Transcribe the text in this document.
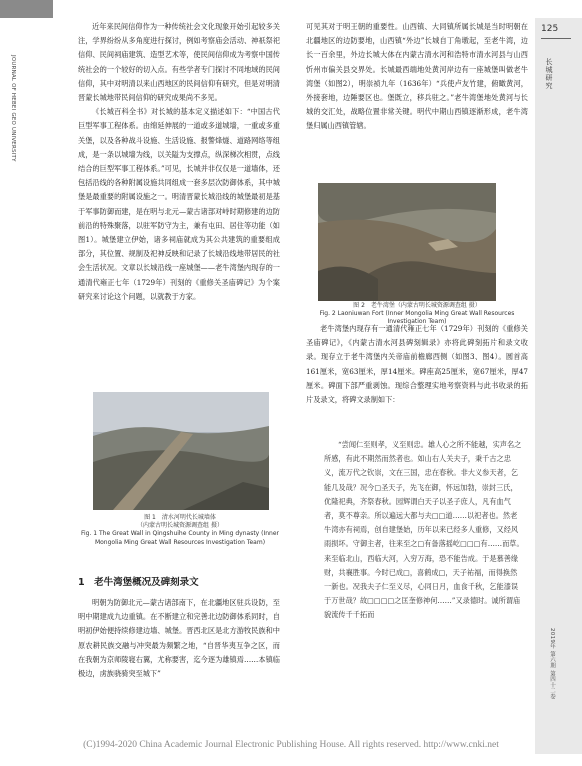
JOURNAL OF HEBEI GEO UNIVERSITY
125
长城研究
2019年 第六期 第四十二卷

近年来民间信仰作为一种传统社会文化现象开始引起较多关注，学界纷纷从多角度进行探讨，例如考察庙会活动、神祇祭祀信仰、民间祠庙建筑、造型艺术等，使民间信仰成为考察中国传统社会的一个较好的切入点。有些学者专门探讨不同地域的民间信仰，其中对明清以来山西地区的民间信仰有研究，但是对明清晋蒙长城地带民间信仰的研究成果尚不多见。

《长城百科全书》对长城的基本定义描述如下：“中国古代巨型军事工程体系。由绵延伸展的一道或多道城墙，一重或多重关堡，以及各种战斗设施、生活设施、报警烽燧、道路网络等组成，是一条以城墙为线，以关隘为支撑点，纵深梯次相贯，点线结合的巨型军事工程体系。”可见，长城并非仅仅是一道墙体，还包括沿线的各种附属设施共同组成一套多层次防御体系，其中城堡是最重要的附属设施之一。明清晋蒙长城沿线的城堡最初是基于军事防御而建，是在明与北元—蒙古诸部对峙时期修建的边防前沿的特殊聚落，以驻军防守为主，兼有屯田、居住等功能（如图1）。城堡建立伊始，诸多祠庙就成为其公共建筑的重要组成部分，其位置、规制及祀神反映和记录了长城沿线地带居民的社会生活状况。文章以长城沿线一座城堡——老牛湾堡内现存的一通清代雍正七年（1729年）刊刻的《重修关圣庙碑记》为个案研究来讨论这个问题，以就教于方家。

图 1　清水河明代长城墙体
（内蒙古明长城资源调查组 摄）
Fig. 1 The Great Wall in Qingshuihe County in Ming dynasty (Inner Mongolia Ming Great Wall Resources Investigation Team)
1　老牛湾堡概况及碑刻录文

明朝为防御北元—蒙古诸部南下，在北疆地区驻兵设防，至明中期建成九边重镇。在不断建立和完善北边防御体系同时，自明初伊始便持续修建边墙、城堡。晋西北区是北方游牧民族和中原农耕民族交融与冲突最为频繁之地，“自晋华夷互争之区，而在我朝为京师陵寝右翼，尤称要害，迄今逐为雄镇焉……本镇临极边，虏族骁骑突至城下”

可见其对于明王朝的重要性。山西镇、大同镇所属长城是当时明朝在北疆地区的边防要地，山西镇“外边”长城自丁角墩起，至老牛湾，边长一百余里，外边长城大体在内蒙古清水河和浩特市清水河县与山西忻州市偏关县交界处。长城最西端地处黄河岸边有一座城堡叫做老牛湾堡（如图2），明崇祯九年（1636年）“兵使卢友竹建，俯瞰黄河，外接套地，边陲要区也。堡既立，移兵驻之。”老牛湾堡地处黄河与长城的交汇处，战略位置非常关键。明代中期山西镇逐渐形成，老牛湾堡归属山西镇管辖。

图 2　老牛湾堡（内蒙古明长城资源调查组 摄）
Fig. 2 Laoniuwan Fort (Inner Mongolia Ming Great Wall Resources Investigation Team)

老牛湾堡内现存有一通清代雍正七年（1729年）刊刻的《重修关圣庙碑记》，《内蒙古清水河县碑刻辑录》亦将此碑刻拓片和录文收录。现存立于老牛湾堡内关帝庙前檐廊西侧（如图3、图4）。圆首高161厘米，宽63厘米，厚14厘米。碑座高25厘米，宽67厘米，厚47厘米。碑面下部严重剥蚀。现综合整理实地考察资料与此书收录的拓片及录文，将碑文录制如下：

“尝闻仁至则孝，义至则忠。雄人心之所不能越，实声名之所感，有此不期然而然者也。如山右人关夫子，秉千古之忠义，流万代之钦崇，文在三国，忠在春秋。非大义参天者，乞能几及哉？况今□圣天子，先飞在御，怀远加勃，崇封三氏，优隆祀典，齐祭春秋。园辉谓白天子以圣子庶人，凡有血气者，莫不尊亲。所以遍远大都与夫□□道……以祀者也。然老牛湾亦有祠焉，创自建堡始，历年以来已经多人重修，又经风雨损坏。守御主者，往来至之□有备落摇屹□□□有……而草。来至临北山，西临大河，入穷万海，恐不能告成。于是慕善缘财，共襄胜事。今时已成□，喜鹤成□，天子祐福，而得换然一新也。况我夫子仁至义尽，心同日月，血食千秋，乞能漆误于万世哉？故□□□□之匡奎修神何……”又录德时。诚所谓庙貌流传千千拓而

(C)1994-2020 China Academic Journal Electronic Publishing House. All rights reserved. http://www.cnki.net
